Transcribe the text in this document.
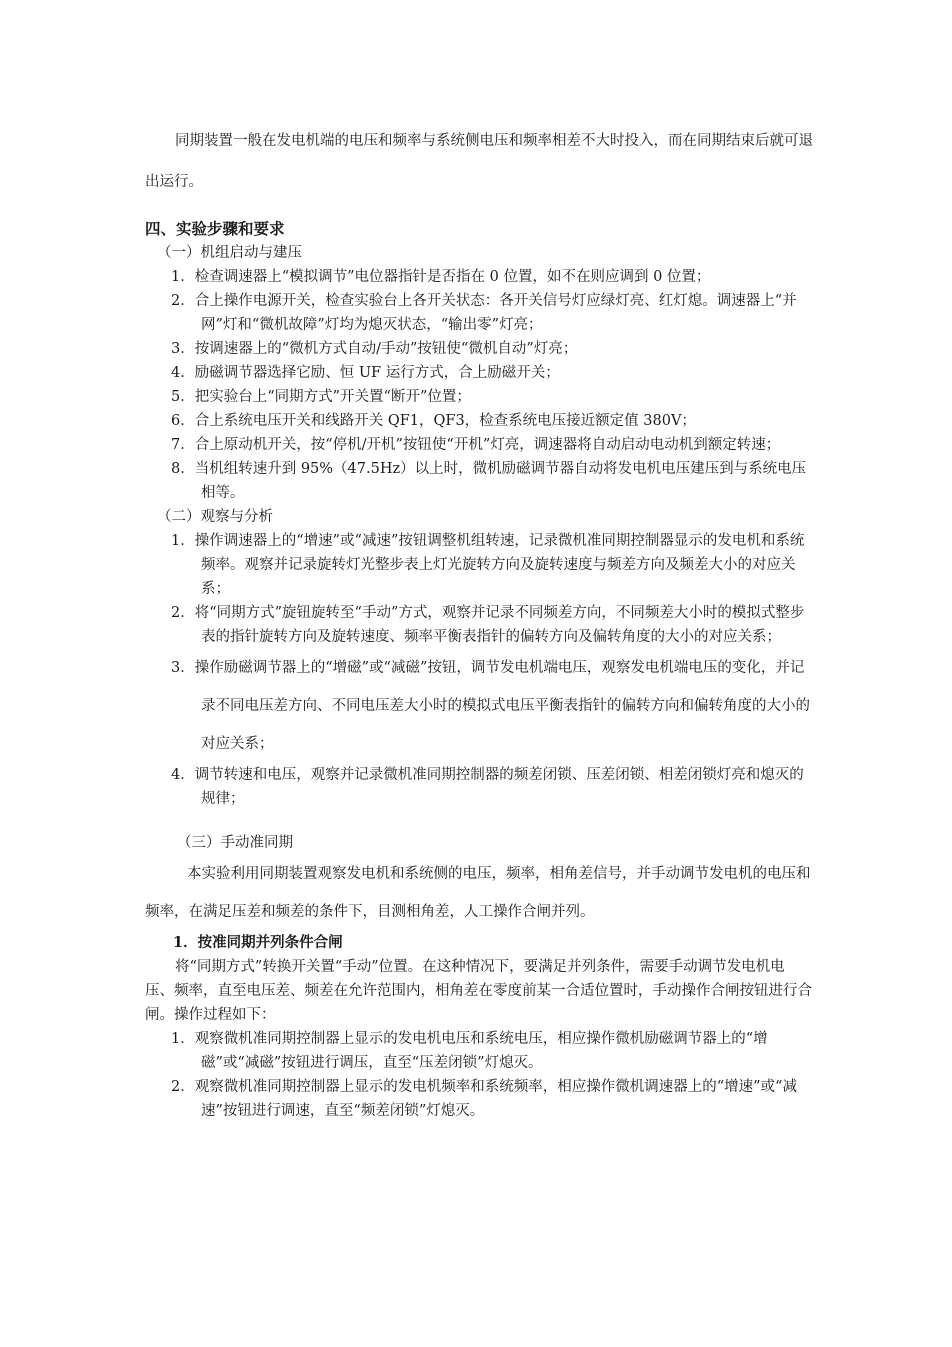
同期装置一般在发电机端的电压和频率与系统侧电压和频率相差不大时投入，而在同期结束后就可退出运行。

四、实验步骤和要求

（一）机组启动与建压

1．检查调速器上“模拟调节”电位器指针是否指在 0 位置，如不在则应调到 0 位置；
2．合上操作电源开关，检查实验台上各开关状态：各开关信号灯应绿灯亮、红灯熄。调速器上“并网”灯和“微机故障”灯均为熄灭状态，“输出零”灯亮；
3．按调速器上的“微机方式自动/手动”按钮使“微机自动”灯亮；
4．励磁调节器选择它励、恒 UF 运行方式，合上励磁开关；
5．把实验台上“同期方式”开关置“断开”位置；
6．合上系统电压开关和线路开关 QF1，QF3，检查系统电压接近额定值 380V；
7．合上原动机开关，按“停机/开机”按钮使“开机”灯亮，调速器将自动启动电动机到额定转速；
8．当机组转速升到 95%（47.5Hz）以上时，微机励磁调节器自动将发电机电压建压到与系统电压相等。

（二）观察与分析

1．操作调速器上的“增速”或“减速”按钮调整机组转速，记录微机准同期控制器显示的发电机和系统频率。观察并记录旋转灯光整步表上灯光旋转方向及旋转速度与频差方向及频差大小的对应关系；
2．将“同期方式”旋钮旋转至“手动”方式，观察并记录不同频差方向，不同频差大小时的模拟式整步表的指针旋转方向及旋转速度、频率平衡表指针的偏转方向及偏转角度的大小的对应关系；
3．操作励磁调节器上的“增磁”或“减磁”按钮，调节发电机端电压，观察发电机端电压的变化，并记录不同电压差方向、不同电压差大小时的模拟式电压平衡表指针的偏转方向和偏转角度的大小的对应关系；
4．调节转速和电压，观察并记录微机准同期控制器的频差闭锁、压差闭锁、相差闭锁灯亮和熄灭的规律；

（三）手动准同期

本实验利用同期装置观察发电机和系统侧的电压，频率，相角差信号，并手动调节发电机的电压和频率，在满足压差和频差的条件下，目测相角差，人工操作合闸并列。

1．按准同期并列条件合闸

将“同期方式”转换开关置“手动”位置。在这种情况下，要满足并列条件，需要手动调节发电机电压、频率，直至电压差、频差在允许范围内，相角差在零度前某一合适位置时，手动操作合闸按钮进行合闸。操作过程如下：

1．观察微机准同期控制器上显示的发电机电压和系统电压，相应操作微机励磁调节器上的“增磁”或“减磁”按钮进行调压，直至“压差闭锁”灯熄灭。
2．观察微机准同期控制器上显示的发电机频率和系统频率，相应操作微机调速器上的“增速”或“减速”按钮进行调速，直至“频差闭锁”灯熄灭。
